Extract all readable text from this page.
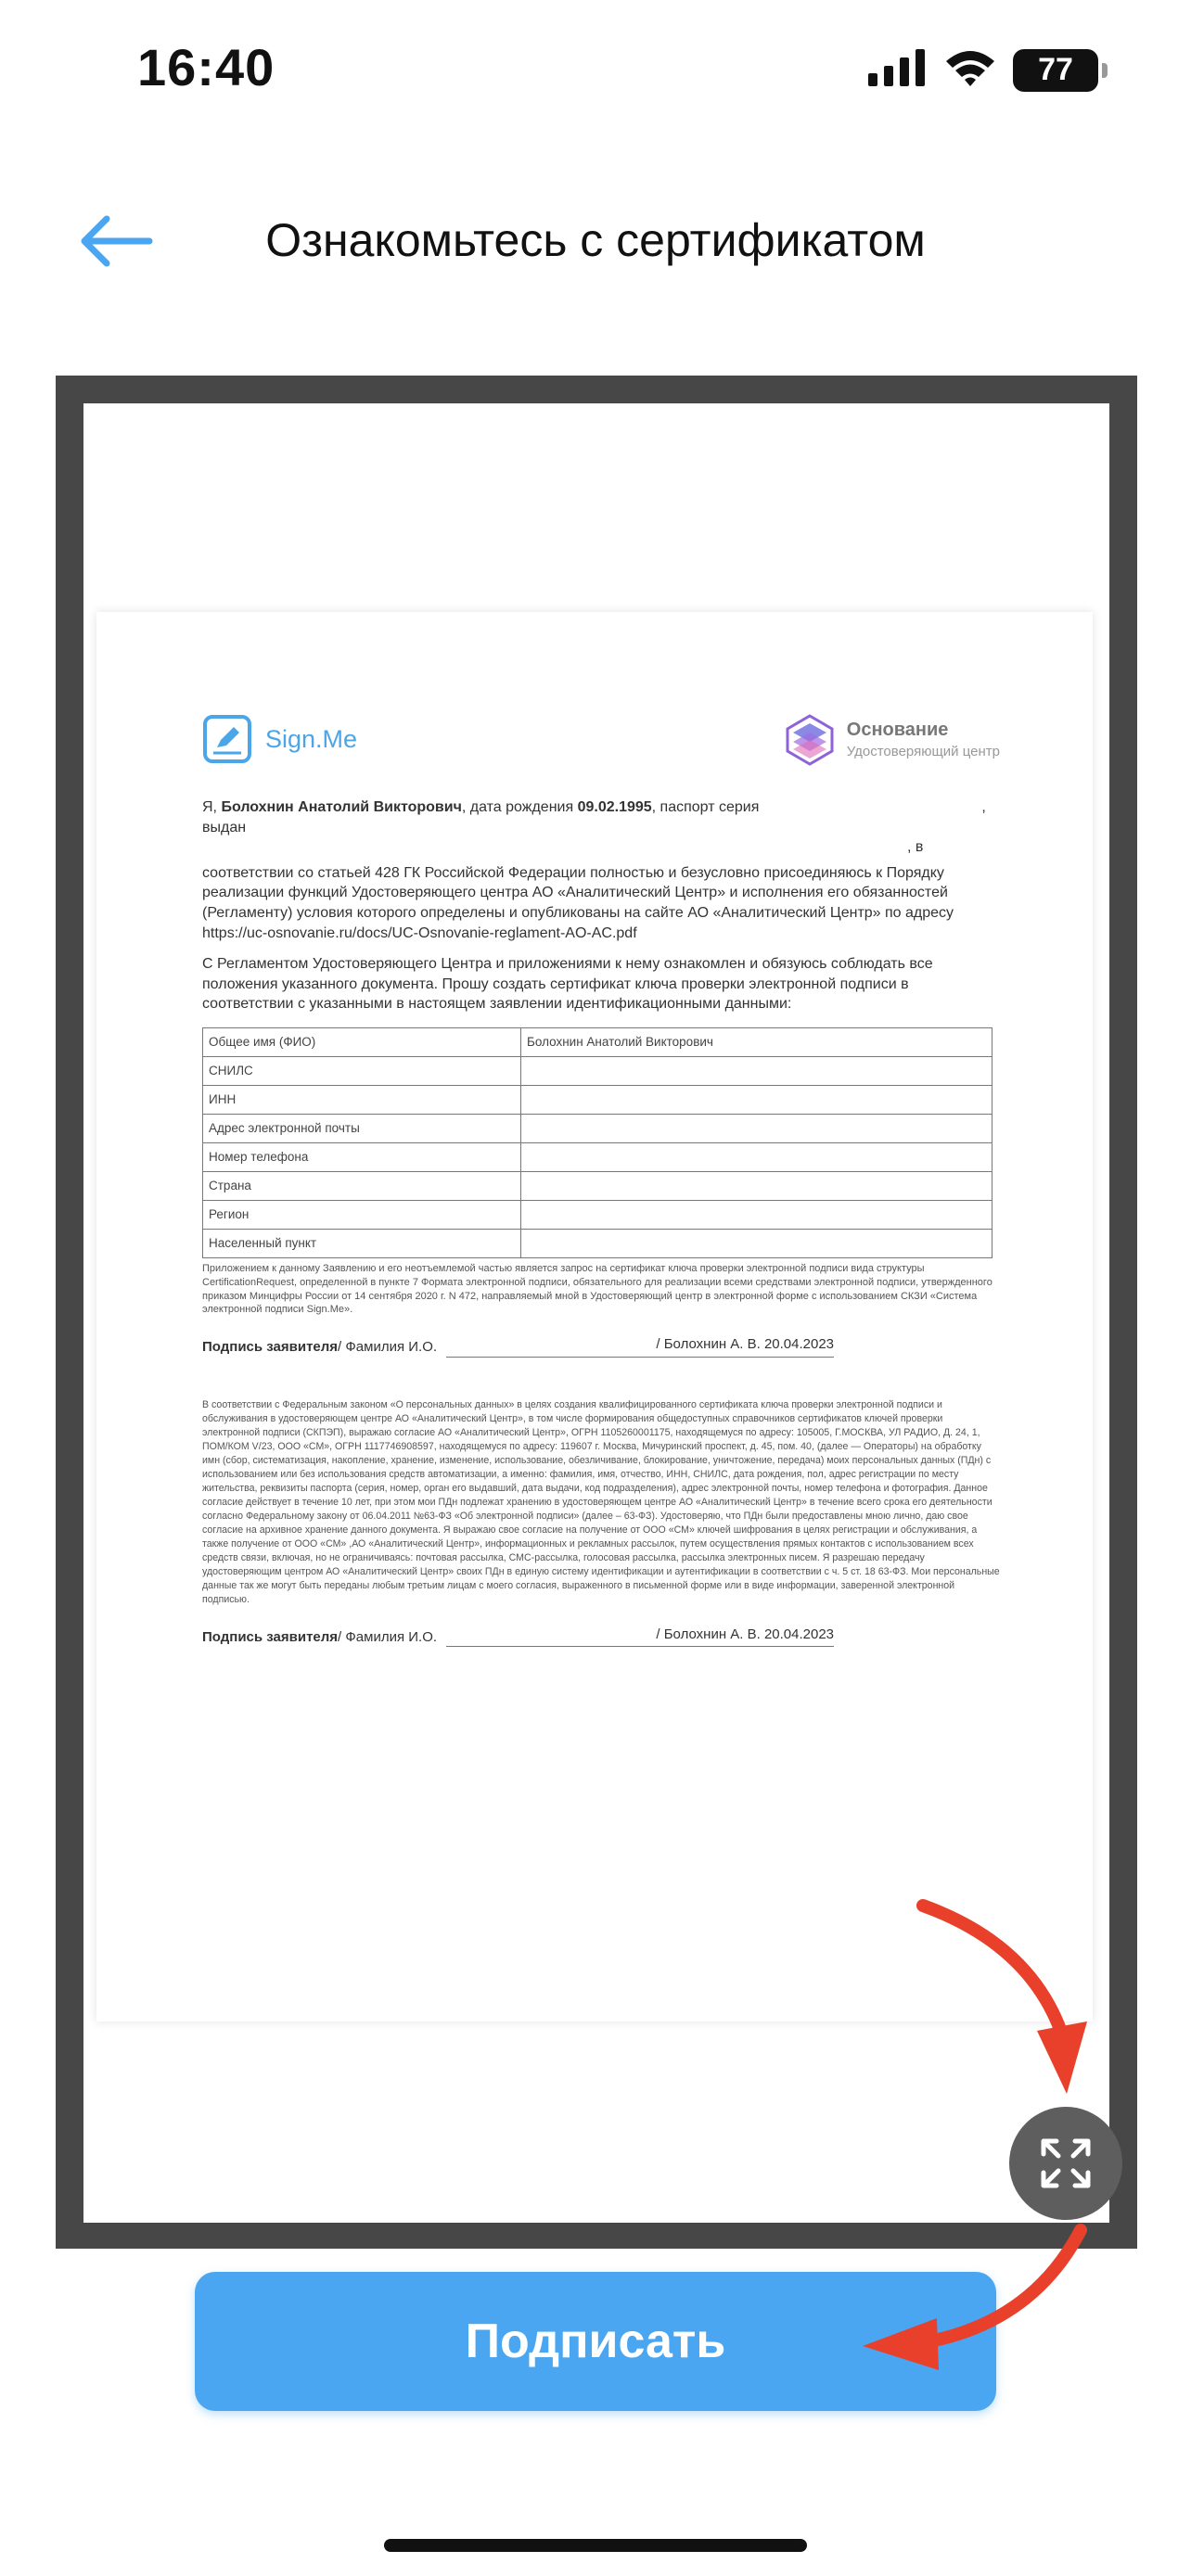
16:40	77
Ознакомьтесь с сертификатом
Sign.Me	Основание
Удостоверяющий центр

Я, Болохнин Анатолий Викторович, дата рождения 09.02.1995, паспорт серия	, выдан
, в

соответствии со статьей 428 ГК Российской Федерации полностью и безусловно присоединяюсь к Порядку реализации функций Удостоверяющего центра АО «Аналитический Центр» и исполнения его обязанностей (Регламенту) условия которого определены и опубликованы на сайте АО «Аналитический Центр» по адресу https://uc-osnovanie.ru/docs/UC-Osnovanie-reglament-AO-AC.pdf

С Регламентом Удостоверяющего Центра и приложениями к нему ознакомлен и обязуюсь соблюдать все положения указанного документа. Прошу создать сертификат ключа проверки электронной подписи в соответствии с указанными в настоящем заявлении идентификационными данными:

Общее имя (ФИО)	Болохнин Анатолий Викторович
СНИЛС	
ИНН	
Адрес электронной почты	
Номер телефона	
Страна	
Регион	
Населенный пункт	

Приложением к данному Заявлению и его неотъемлемой частью является запрос на сертификат ключа проверки электронной подписи вида структуры CertificationRequest, определенной в пункте 7 Формата электронной подписи, обязательного для реализации всеми средствами электронной подписи, утвержденного приказом Минцифры России от 14 сентября 2020 г. N 472, направляемый мной в Удостоверяющий центр в электронной форме с использованием СКЗИ «Система электронной подписи Sign.Me».

Подпись заявителя / Фамилия И.О.	/ Болохнин А. В. 20.04.2023

В соответствии с Федеральным законом «О персональных данных» в целях создания квалифицированного сертификата ключа проверки электронной подписи и обслуживания в удостоверяющем центре АО «Аналитический Центр», в том числе формирования общедоступных справочников сертификатов ключей проверки электронной подписи (СКПЭП), выражаю согласие АО «Аналитический Центр», ОГРН 1105260001175, находящемуся по адресу: 105005, Г.МОСКВА, УЛ РАДИО, Д. 24, 1, ПОМ/КОМ V/23, ООО «СМ», ОГРН 1117746908597, находящемуся по адресу: 119607 г. Москва, Мичуринский проспект, д. 45, пом. 40, (далее — Операторы) на обработку имн (сбор, систематизация, накопление, хранение, изменение, использование, обезличивание, блокирование, уничтожение, передача) моих персональных данных (ПДн) с использованием или без использования средств автоматизации, а именно: фамилия, имя, отчество, ИНН, СНИЛС, дата рождения, пол, адрес регистрации по месту жительства, реквизиты паспорта (серия, номер, орган его выдавший, дата выдачи, код подразделения), адрес электронной почты, номер телефона и фотография. Данное согласие действует в течение 10 лет, при этом мои ПДн подлежат хранению в удостоверяющем центре АО «Аналитический Центр» в течение всего срока его деятельности согласно Федеральному закону от 06.04.2011 №63-ФЗ «Об электронной подписи» (далее – 63-ФЗ). Удостоверяю, что ПДн были предоставлены мною лично, даю свое согласие на архивное хранение данного документа. Я выражаю свое согласие на получение от ООО «СМ» ключей шифрования в целях регистрации и обслуживания, а также получение от ООО «СМ» ,АО «Аналитический Центр», информационных и рекламных рассылок, путем осуществления прямых контактов с использованием всех средств связи, включая, но не ограничиваясь: почтовая рассылка, СМС-рассылка, голосовая рассылка, рассылка электронных писем. Я разрешаю передачу удостоверяющим центром АО «Аналитический Центр» своих ПДн в единую систему идентификации и аутентификации в соответствии с ч. 5 ст. 18 63-ФЗ. Мои персональные данные так же могут быть переданы любым третьим лицам с моего согласия, выраженного в письменной форме или в виде информации, заверенной электронной подписью.

Подпись заявителя / Фамилия И.О.	/ Болохнин А. В. 20.04.2023

Подписать
